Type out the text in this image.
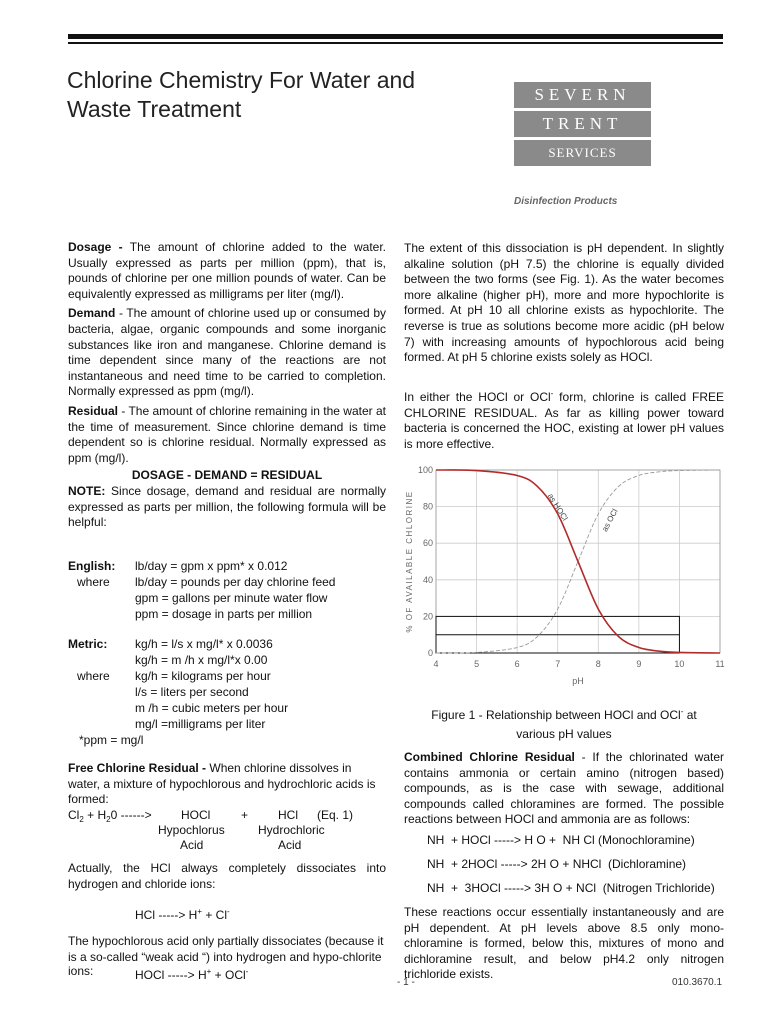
Chlorine Chemistry For Water and Waste Treatment
SEVERN
TRENT
SERVICES
Disinfection Products

Dosage - The amount of chlorine added to the water. Usually expressed as parts per million (ppm), that is, pounds of chlorine per one million pounds of water. Can be equivalently expressed as milligrams per liter (mg/l).

Demand - The amount of chlorine used up or consumed by bacteria, algae, organic compounds and some inorganic substances like iron and manganese. Chlorine demand is time dependent since many of the reactions are not instantaneous and need time to be carried to completion. Normally expressed as ppm (mg/l).

Residual - The amount of chlorine remaining in the water at the time of measurement. Since chlorine demand is time dependent so is chlorine residual. Normally expressed as ppm (mg/l).

DOSAGE - DEMAND = RESIDUAL

NOTE: Since dosage, demand and residual are normally expressed as parts per million, the following formula will be helpful:

English: lb/day = gpm x ppm* x 0.012
where lb/day = pounds per day chlorine feed
gpm = gallons per minute water flow
ppm = dosage in parts per million
Metric: kg/h = l/s x mg/l* x 0.0036
kg/h = m /h x mg/l*x 0.00
where kg/h = kilograms per hour
l/s = liters per second
m /h = cubic meters per hour
mg/l =milligrams per liter
*ppm = mg/l

Free Chlorine Residual - When chlorine dissolves in water, a mixture of hypochlorous and hydrochloric acids is formed:

$Cl_2 + H_20$ ------> HOCl	+ HCl (Eq. 1)
Hypochlorus	Hydrochloric
Acid	Acid
Actually, the HCl always completely dissociates into hydrogen and chloride ions:
HCl -----> H+ + Cl-
The hypochlorous acid only partially dissociates (because it is a so-called “weak acid “) into hydrogen and hypo-chlorite
ions:	HOCl -----> H+ + OCl-
The extent of this dissociation is pH dependent. In slightly alkaline solution (pH 7.5) the chlorine is equally divided between the two forms (see Fig. 1). As the water becomes more alkaline (higher pH), more and more hypochlorite is formed. At pH 10 all chlorine exists as hypochlorite. The reverse is true as solutions become more acidic (pH below 7) with increasing amounts of hypochlorous acid being formed. At pH 5 chlorine exists solely as HOCl.
In either the HOCl or OCl- form, chlorine is called FREE CHLORINE RESIDUAL. As far as killing power toward bacteria is concerned the HOC, existing at lower pH values is more effective.
4	5	6	7	8	9	10	11
0
20
40
60
80
100
pH
% OF AVAILABLE CHLORINE	as HOCl	as OCl
Figure 1 - Relationship between HOCl and OCl- at
various pH values
Combined Chlorine Residual - If the chlorinated water contains ammonia or certain amino (nitrogen based) compounds, as is the case with sewage, additional compounds called chloramines are formed. The possible reactions between HOCl and ammonia are as follows:
NH  + HOCl -----> H O +  NH Cl (Monochloramine)
NH  + 2HOCl -----> 2H O + NHCl  (Dichloramine)
NH  +  3HOCl -----> 3H O + NCl  (Nitrogen Trichloride)
These reactions occur essentially instantaneously and are pH dependent. At pH levels above 8.5 only mono-chloramine is formed, below this, mixtures of mono and dichloramine result, and below pH4.2 only nitrogen trichloride exists.
- 1 -	010.3670.1
